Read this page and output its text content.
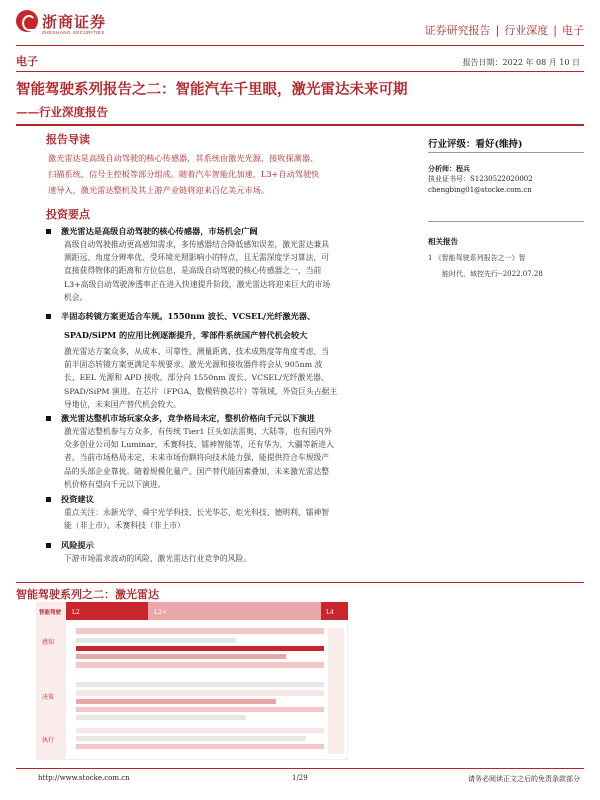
浙商证券
ZHESHANG SECURITIES	证券研究报告 | 行业深度 | 电子
电子	报告日期：2022 年 08 月 10 日
智能驾驶系列报告之二：智能汽车千里眼，激光雷达未来可期
——行业深度报告
报告导读
激光雷达是高级自动驾驶的核心传感器，其系统由激光光源、接收探测器、
扫描系统、信号主控板等部分组成。随着汽车智能化加速，L3+自动驾驶快
速导入，激光雷达整机及其上游产业链将迎来百亿美元市场。
投资要点
激光雷达是高级自动驾驶的核心传感器，市场机会广阔
高级自动驾驶推动更高感知需求，多传感器结合降低感知误差，激光雷达兼具
测距远、角度分辨率优、受环境光照影响小的特点，且无需深度学习算法，可
直接获得物体的距离和方位信息，是高级自动驾驶的核心传感器之一，当前
L3+高级自动驾驶渗透率正在进入快速提升阶段，激光雷达将迎来巨大的市场
机会。
半固态转镜方案更适合车规。1550nm 波长、VCSEL/光纤激光器、
SPAD/SiPM 的应用比例逐渐提升，零部件系统国产替代机会较大
激光雷达方案众多，从成本、可靠性、测量距离、技术成熟度等角度考虑，当
前半固态转镜方案更满足车规要求。激光光源和接收器件将会从 905nm 波
长、EEL 光源和 APD 接收，部分向 1550nm 波长、VCSEL/光纤激光器、
SPAD/SiPM 演进。在芯片（FPGA、数模转换芯片）等领域，外资巨头占据主
导地位，未来国产替代机会较大。
激光雷达整机市场玩家众多，竞争格局未定，整机价格向千元以下演进
激光雷达整机参与方众多，有传统 Tier1 巨头如法雷奥、大陆等，也有国内外
众多创业公司如 Luminar、禾赛科技、镭神智能等，还有华为、大疆等新进入
者。当前市场格局未定，未来市场份额将向技术能力强，能提供符合车规级产
品的头部企业靠拢。随着规模化量产、国产替代能因素叠加，未来激光雷达整
机价格有望向千元以下演进。
投资建议
重点关注：永新光学、舜宇光学科技、长光华芯、炬光科技、德明利、镭神智
能（非上市）、禾赛科技（非上市）
风险提示
下游市场需求波动的风险、激光雷达行业竞争的风险。
行业评级：看好(维持)
分析师：程兵
执业证书号：S1230522020002
chengbing01@stocke.com.cn
相关报告
1 《智能驾驶系列报告之一》智
能时代，域控先行--2022.07.28
智能驾驶系列之二：激光雷达
智能驾驶 L2	L2+	L4
感知
决策
执行
http://www.stocke.com.cn	1/29	请务必阅读正文之后的免责条款部分
